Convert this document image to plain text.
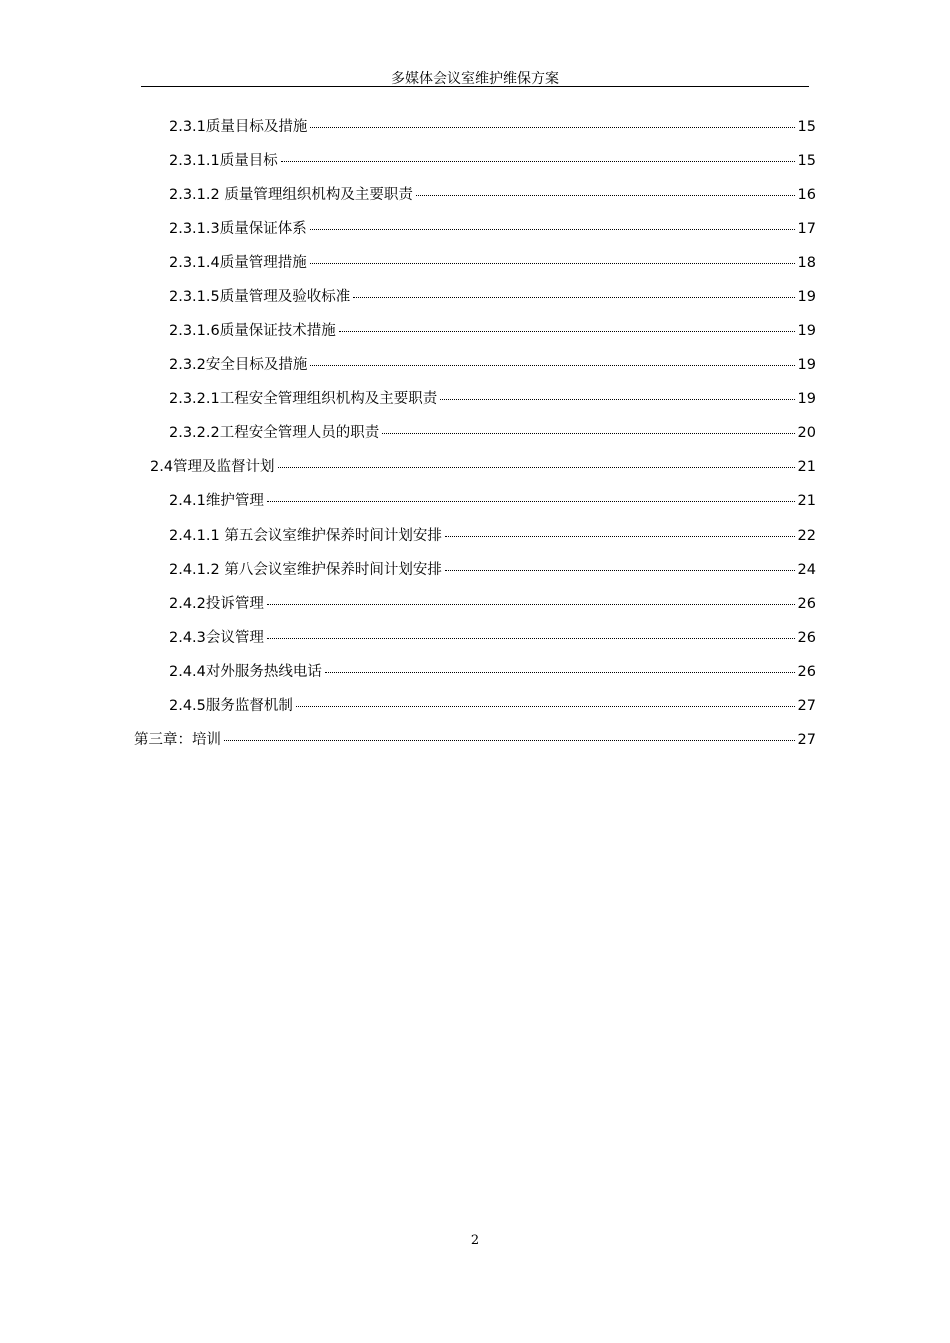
多媒体会议室维护维保方案
2.3.1质量目标及措施	15
2.3.1.1质量目标	15
2.3.1.2 质量管理组织机构及主要职责	16
2.3.1.3质量保证体系	17
2.3.1.4质量管理措施	18
2.3.1.5质量管理及验收标准	19
2.3.1.6质量保证技术措施	19
2.3.2安全目标及措施	19
2.3.2.1工程安全管理组织机构及主要职责	19
2.3.2.2工程安全管理人员的职责	20
2.4管理及监督计划	21
2.4.1维护管理	21
2.4.1.1 第五会议室维护保养时间计划安排	22
2.4.1.2 第八会议室维护保养时间计划安排	24
2.4.2投诉管理	26
2.4.3会议管理	26
2.4.4对外服务热线电话	26
2.4.5服务监督机制	27
第三章：培训	27
2
